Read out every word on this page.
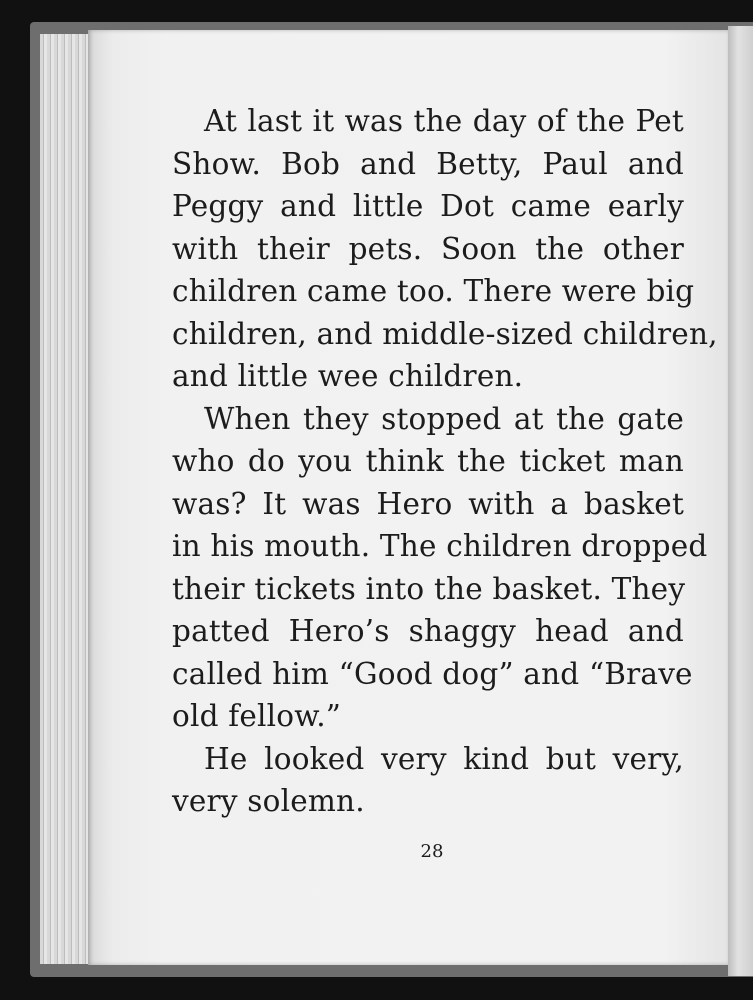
At last it was the day of the Pet
Show. Bob and Betty, Paul and
Peggy and little Dot came early
with their pets. Soon the other
children came too. There were big
children, and middle-sized children,
and little wee children.
When they stopped at the gate
who do you think the ticket man
was? It was Hero with a basket
in his mouth. The children dropped
their tickets into the basket. They
patted Hero’s shaggy head and
called him “Good dog” and “Brave
old fellow.”
He looked very kind but very,
very solemn.
28
